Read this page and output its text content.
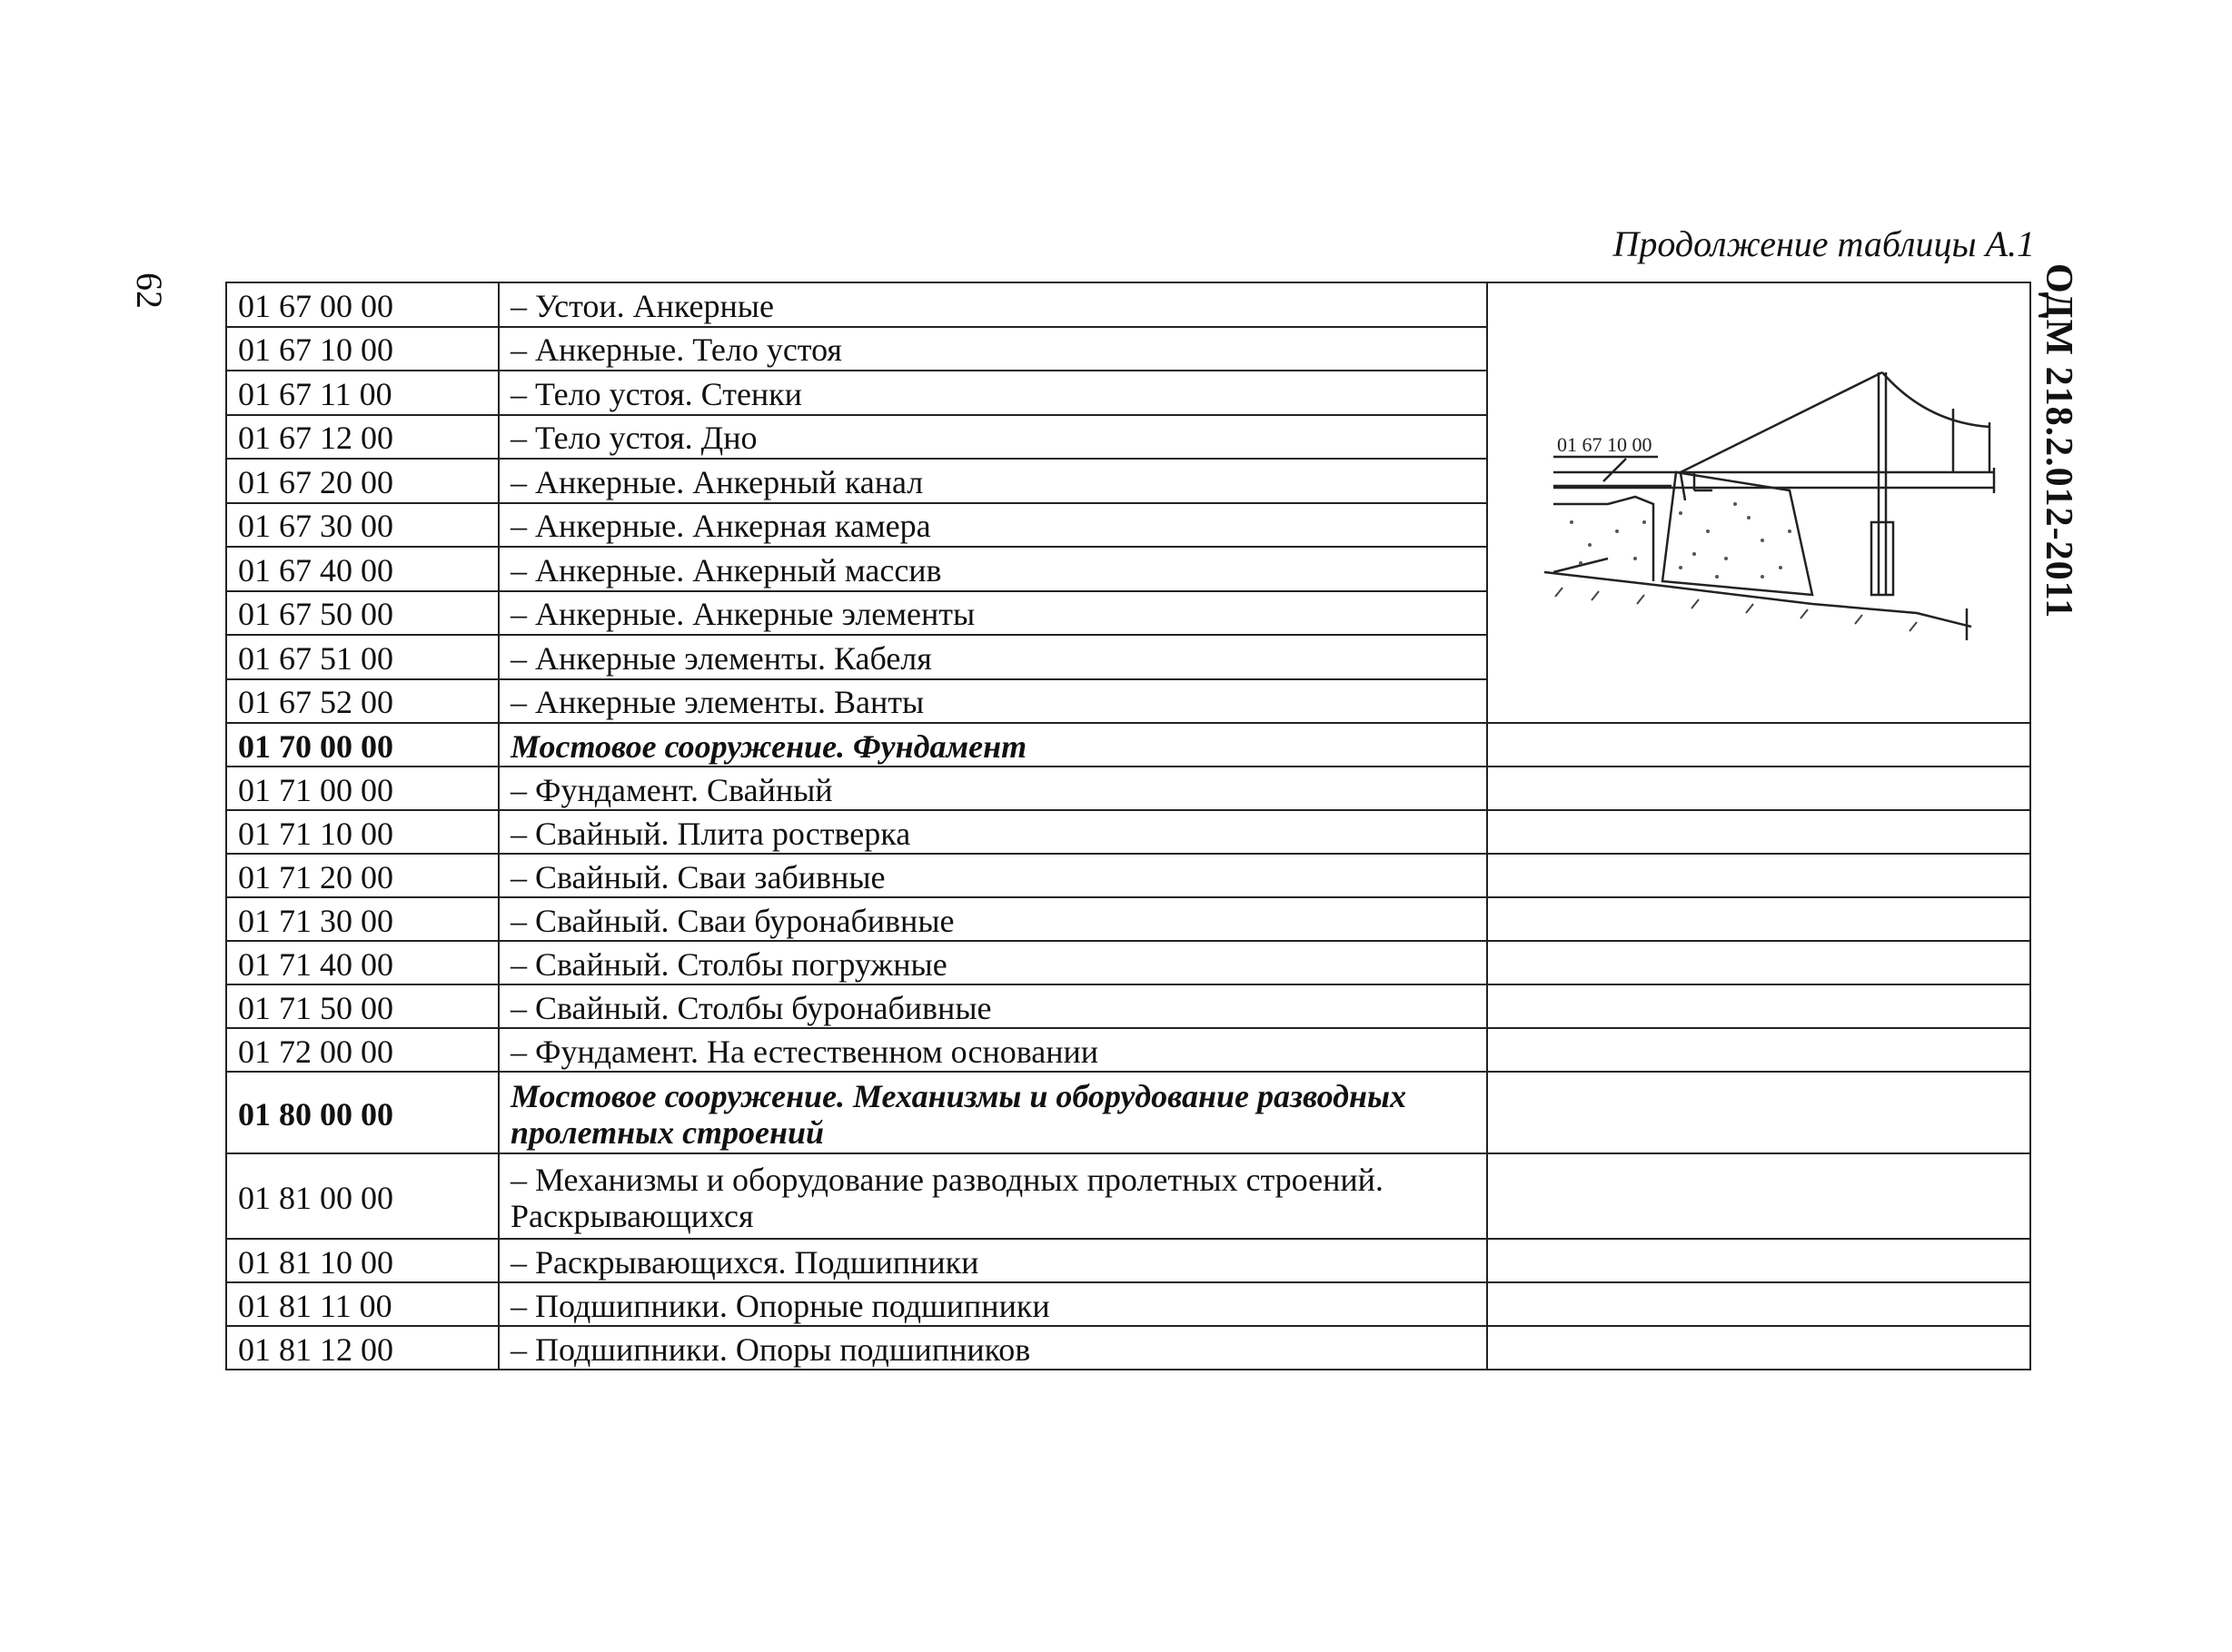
Продолжение таблицы А.1
62	ОДМ 218.2.012-2011
01 67 00 00	– Устои. Анкерные	01 67 10 00

01 67 10 00	– Анкерные. Тело устоя	
01 67 11 00	– Тело устоя. Стенки	
01 67 12 00	– Тело устоя. Дно	
01 67 20 00	– Анкерные. Анкерный канал	
01 67 30 00	– Анкерные. Анкерная камера	
01 67 40 00	– Анкерные. Анкерный массив	
01 67 50 00	– Анкерные. Анкерные элементы	
01 67 51 00	– Анкерные элементы. Кабеля	
01 67 52 00	– Анкерные элементы. Ванты	
01 70 00 00	Мостовое сооружение. Фундамент	
01 71 00 00	– Фундамент. Свайный	
01 71 10 00	– Свайный. Плита ростверка	
01 71 20 00	– Свайный. Сваи забивные	
01 71 30 00	– Свайный. Сваи буронабивные	
01 71 40 00	– Свайный. Столбы погружные	
01 71 50 00	– Свайный. Столбы буронабивные	
01 72 00 00	– Фундамент. На естественном основании	
01 80 00 00	Мостовое сооружение. Механизмы и оборудование разводных пролетных строений	
01 81 00 00	– Механизмы и оборудование разводных пролетных строений. Раскрывающихся	
01 81 10 00	– Раскрывающихся. Подшипники	
01 81 11 00	– Подшипники. Опорные подшипники	
01 81 12 00	– Подшипники. Опоры подшипников	
